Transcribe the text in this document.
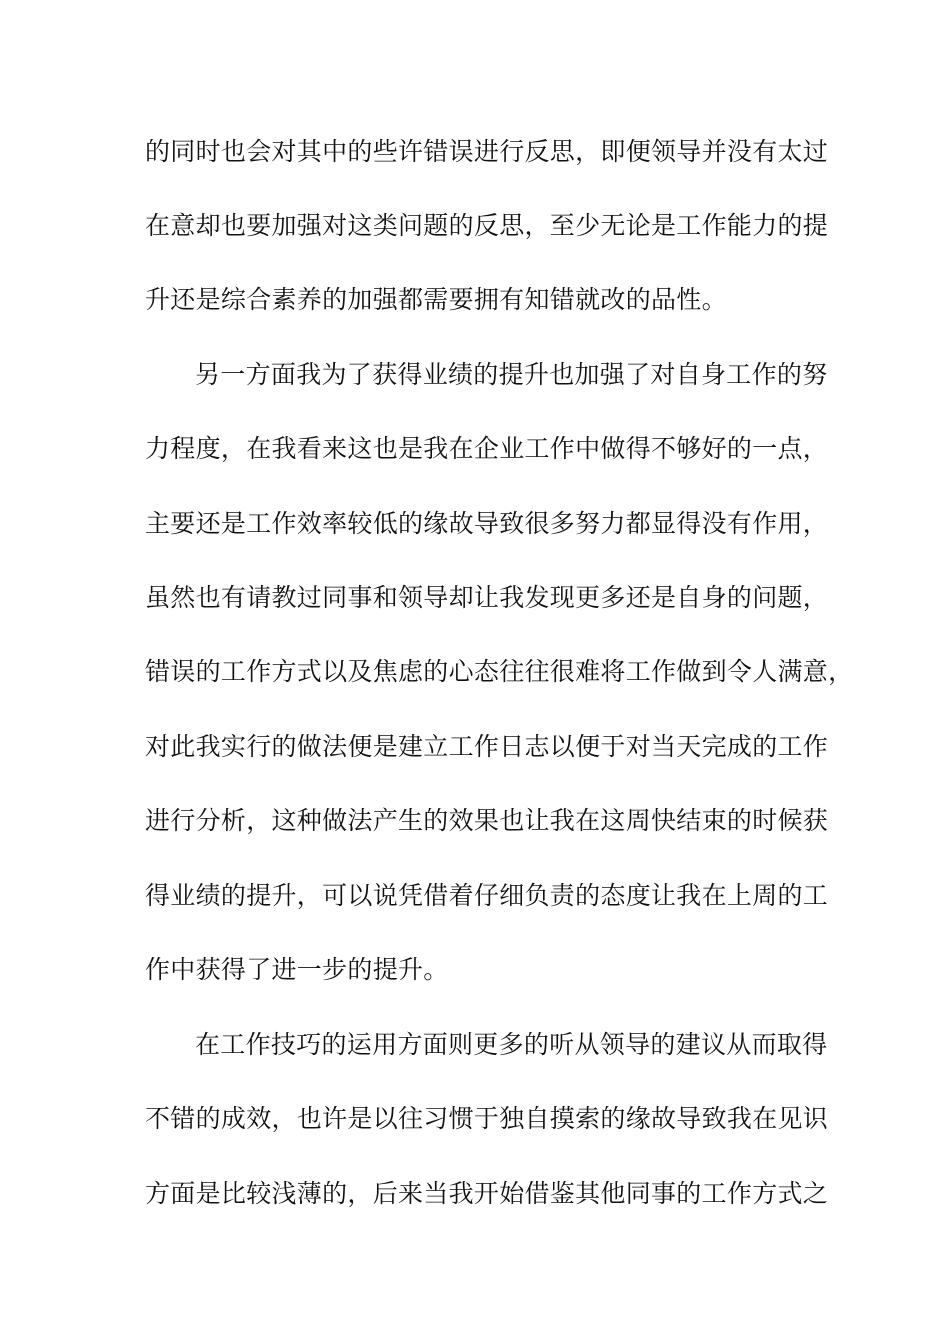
的同时也会对其中的些许错误进行反思，即便领导并没有太过
在意却也要加强对这类问题的反思，至少无论是工作能力的提
升还是综合素养的加强都需要拥有知错就改的品性。
另一方面我为了获得业绩的提升也加强了对自身工作的努
力程度，在我看来这也是我在企业工作中做得不够好的一点，
主要还是工作效率较低的缘故导致很多努力都显得没有作用，
虽然也有请教过同事和领导却让我发现更多还是自身的问题，
错误的工作方式以及焦虑的心态往往很难将工作做到令人满意，
对此我实行的做法便是建立工作日志以便于对当天完成的工作
进行分析，这种做法产生的效果也让我在这周快结束的时候获
得业绩的提升，可以说凭借着仔细负责的态度让我在上周的工
作中获得了进一步的提升。
在工作技巧的运用方面则更多的听从领导的建议从而取得
不错的成效，也许是以往习惯于独自摸索的缘故导致我在见识
方面是比较浅薄的，后来当我开始借鉴其他同事的工作方式之
